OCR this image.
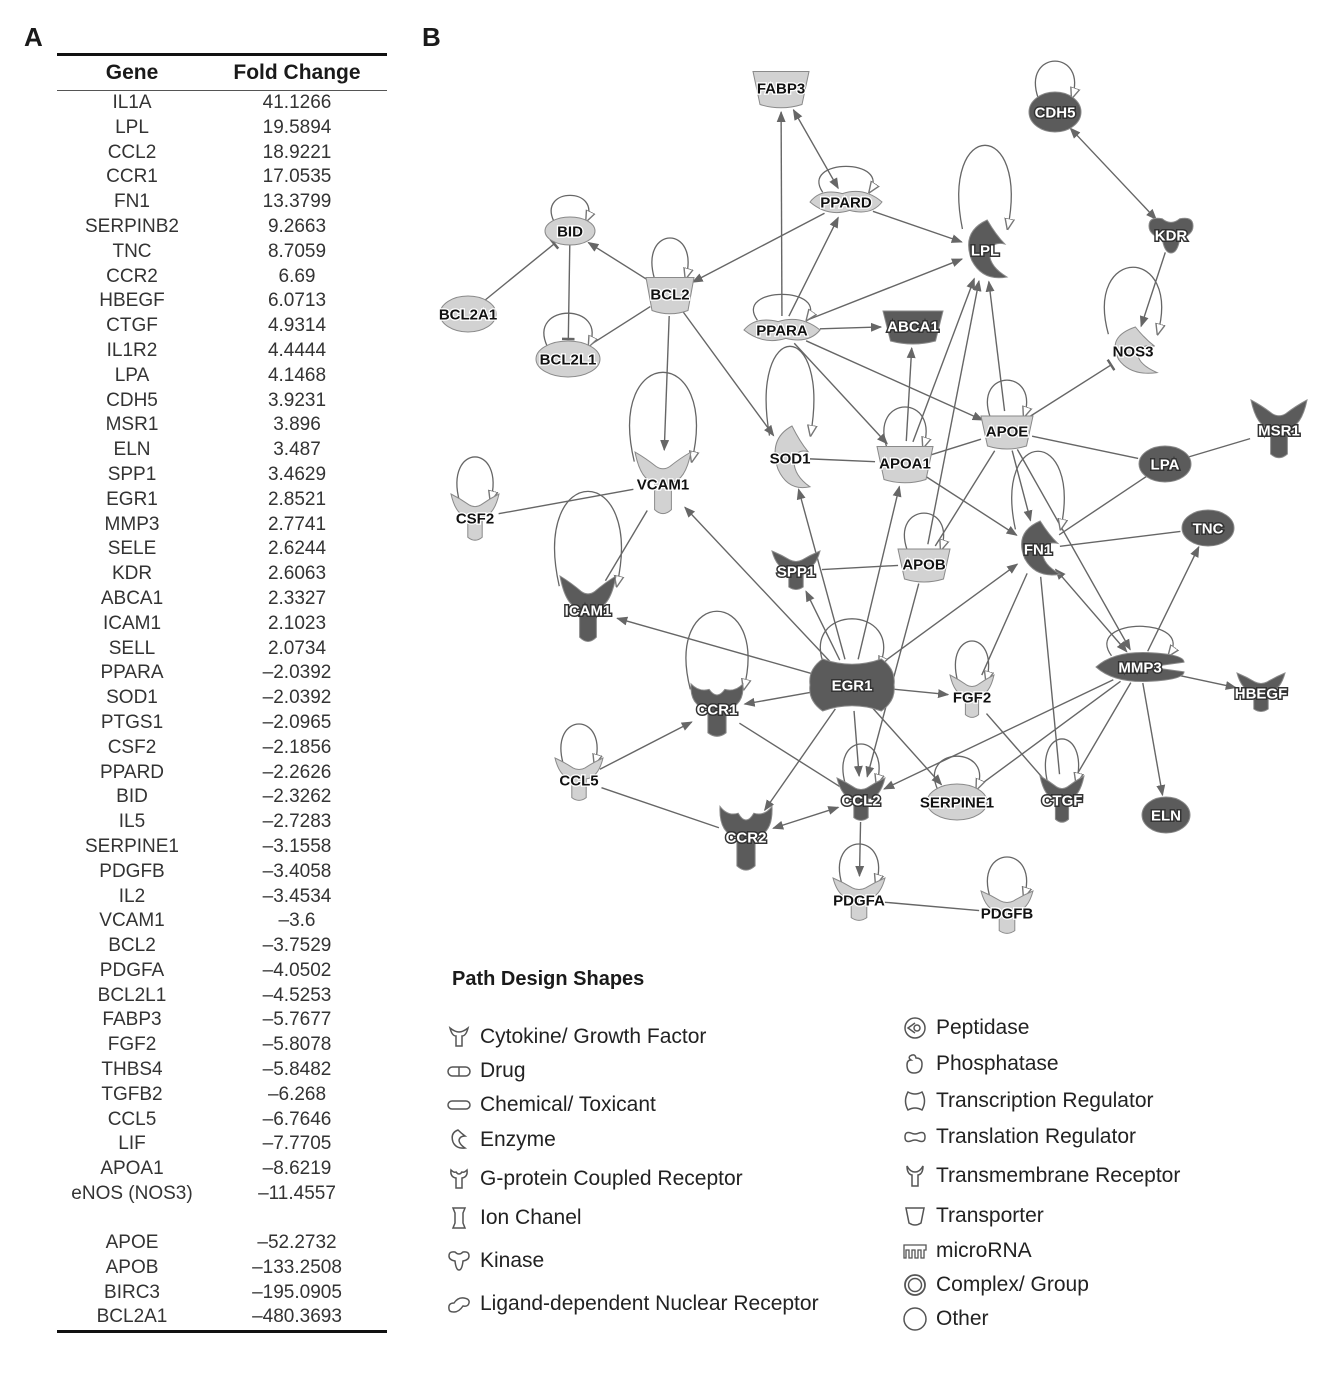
A	B
Gene	Fold Change
IL1A	41.1266
LPL	19.5894
CCL2	18.9221
CCR1	17.0535
FN1	13.3799
SERPINB2	9.2663
TNC	8.7059
CCR2	6.69
HBEGF	6.0713
CTGF	4.9314
IL1R2	4.4444
LPA	4.1468
CDH5	3.9231
MSR1	3.896
ELN	3.487
SPP1	3.4629
EGR1	2.8521
MMP3	2.7741
SELE	2.6244
KDR	2.6063
ABCA1	2.3327
ICAM1	2.1023
SELL	2.0734
PPARA	–2.0392
SOD1	–2.0392
PTGS1	–2.0965
CSF2	–2.1856
PPARD	–2.2626
BID	–2.3262
IL5	–2.7283
SERPINE1	–3.1558
PDGFB	–3.4058
IL2	–3.4534
VCAM1	–3.6
BCL2	–3.7529
PDGFA	–4.0502
BCL2L1	–4.5253
FABP3	–5.7677
FGF2	–5.8078
THBS4	–5.8482
TGFB2	–6.268
CCL5	–6.7646
LIF	–7.7705
APOA1	–8.6219
eNOS (NOS3)	–11.4557
APOE	–52.2732
APOB	–133.2508
BIRC3	–195.0905
BCL2A1	–480.3693
FABP3
CDH5
PPARD
BID
LPL
KDR
BCL2
BCL2A1
PPARA	ABCA1
NOS3
BCL2L1
MSR1
APOE
SOD1	APOA1	LPA
VCAM1
CSF2
TNC
FN1
SPP1	APOB
ICAM1
MMP3
EGR1
FGF2	HBEGF
CCR1
CCL5
CCL2	SERPINE1	CTGF
ELN
CCR2
PDGFA
PDGFB
Path Design Shapes
Cytokine/ Growth Factor
Drug
Chemical/ Toxicant
Enzyme
G-protein Coupled Receptor
Ion Chanel
Kinase
Ligand-dependent Nuclear Receptor
Peptidase
Phosphatase
Transcription Regulator
Translation Regulator
Transmembrane Receptor
Transporter
microRNA
Complex/ Group
Other
